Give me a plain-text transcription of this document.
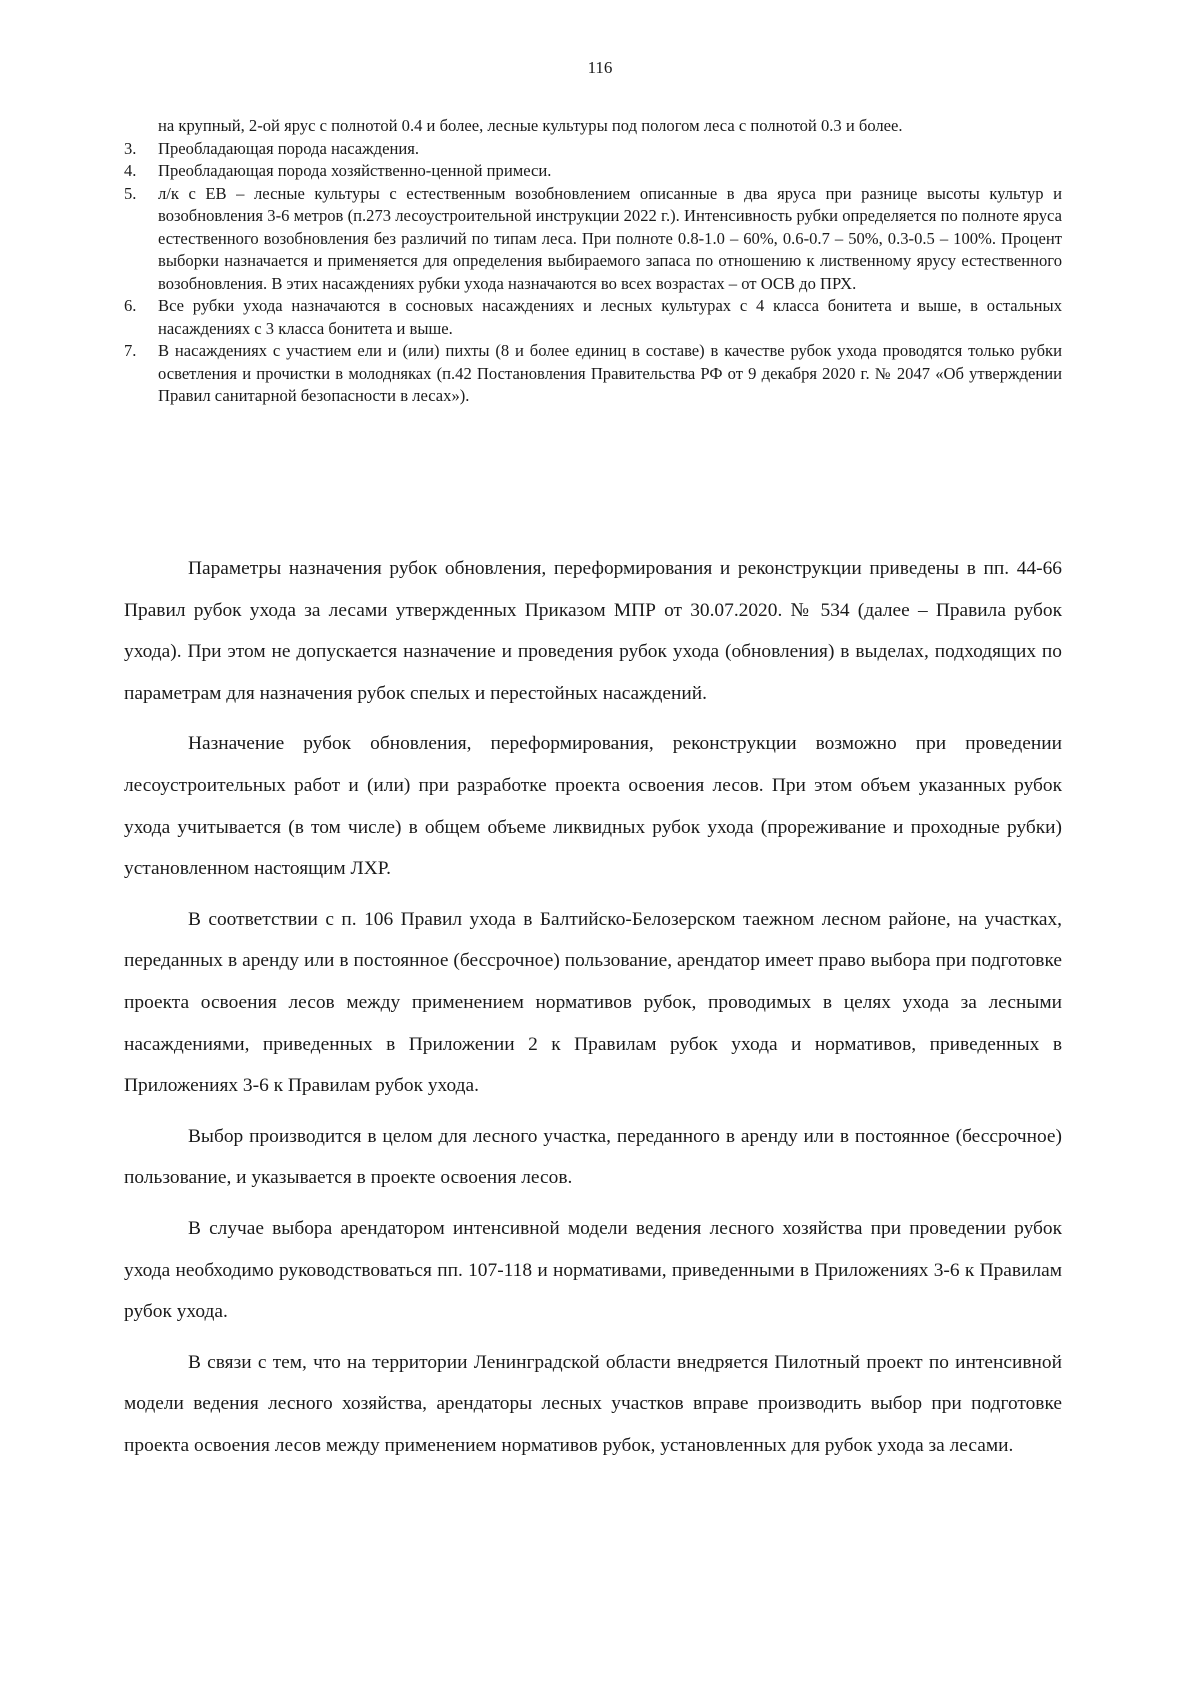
116
на крупный, 2-ой ярус с полнотой 0.4 и более, лесные культуры под пологом леса с полнотой 0.3 и более.
3. Преобладающая порода насаждения.
4. Преобладающая порода хозяйственно-ценной примеси.
5. л/к с ЕВ – лесные культуры с естественным возобновлением описанные в два яруса при разнице высоты культур и возобновления 3-6 метров (п.273 лесоустроительной инструкции 2022 г.). Интенсивность рубки определяется по полноте яруса естественного возобновления без различий по типам леса. При полноте 0.8-1.0 – 60%, 0.6-0.7 – 50%, 0.3-0.5 – 100%. Процент выборки назначается и применяется для определения выбираемого запаса по отношению к лиственному ярусу естественного возобновления. В этих насаждениях рубки ухода назначаются во всех возрастах – от ОСВ до ПРХ.
6. Все рубки ухода назначаются в сосновых насаждениях и лесных культурах с 4 класса бонитета и выше, в остальных насаждениях с 3 класса бонитета и выше.
7. В насаждениях с участием ели и (или) пихты (8 и более единиц в составе) в качестве рубок ухода проводятся только рубки осветления и прочистки в молодняках (п.42 Постановления Правительства РФ от 9 декабря 2020 г. № 2047 «Об утверждении Правил санитарной безопасности в лесах»).

Параметры назначения рубок обновления, переформирования и реконструкции приведены в пп. 44-66 Правил рубок ухода за лесами утвержденных Приказом МПР от 30.07.2020. № 534 (далее – Правила рубок ухода). При этом не допускается назначение и проведения рубок ухода (обновления) в выделах, подходящих по параметрам для назначения рубок спелых и перестойных насаждений.

Назначение рубок обновления, переформирования, реконструкции возможно при проведении лесоустроительных работ и (или) при разработке проекта освоения лесов. При этом объем указанных рубок ухода учитывается (в том числе) в общем объеме ликвидных рубок ухода (прореживание и проходные рубки) установленном настоящим ЛХР.

В соответствии с п. 106 Правил ухода в Балтийско-Белозерском таежном лесном районе, на участках, переданных в аренду или в постоянное (бессрочное) пользование, арендатор имеет право выбора при подготовке проекта освоения лесов между применением нормативов рубок, проводимых в целях ухода за лесными насаждениями, приведенных в Приложении 2 к Правилам рубок ухода и нормативов, приведенных в Приложениях 3-6 к Правилам рубок ухода.

Выбор производится в целом для лесного участка, переданного в аренду или в постоянное (бессрочное) пользование, и указывается в проекте освоения лесов.

В случае выбора арендатором интенсивной модели ведения лесного хозяйства при проведении рубок ухода необходимо руководствоваться пп. 107-118 и нормативами, приведенными в Приложениях 3-6 к Правилам рубок ухода.

В связи с тем, что на территории Ленинградской области внедряется Пилотный проект по интенсивной модели ведения лесного хозяйства, арендаторы лесных участков вправе производить выбор при подготовке проекта освоения лесов между применением нормативов рубок, установленных для рубок ухода за лесами.
